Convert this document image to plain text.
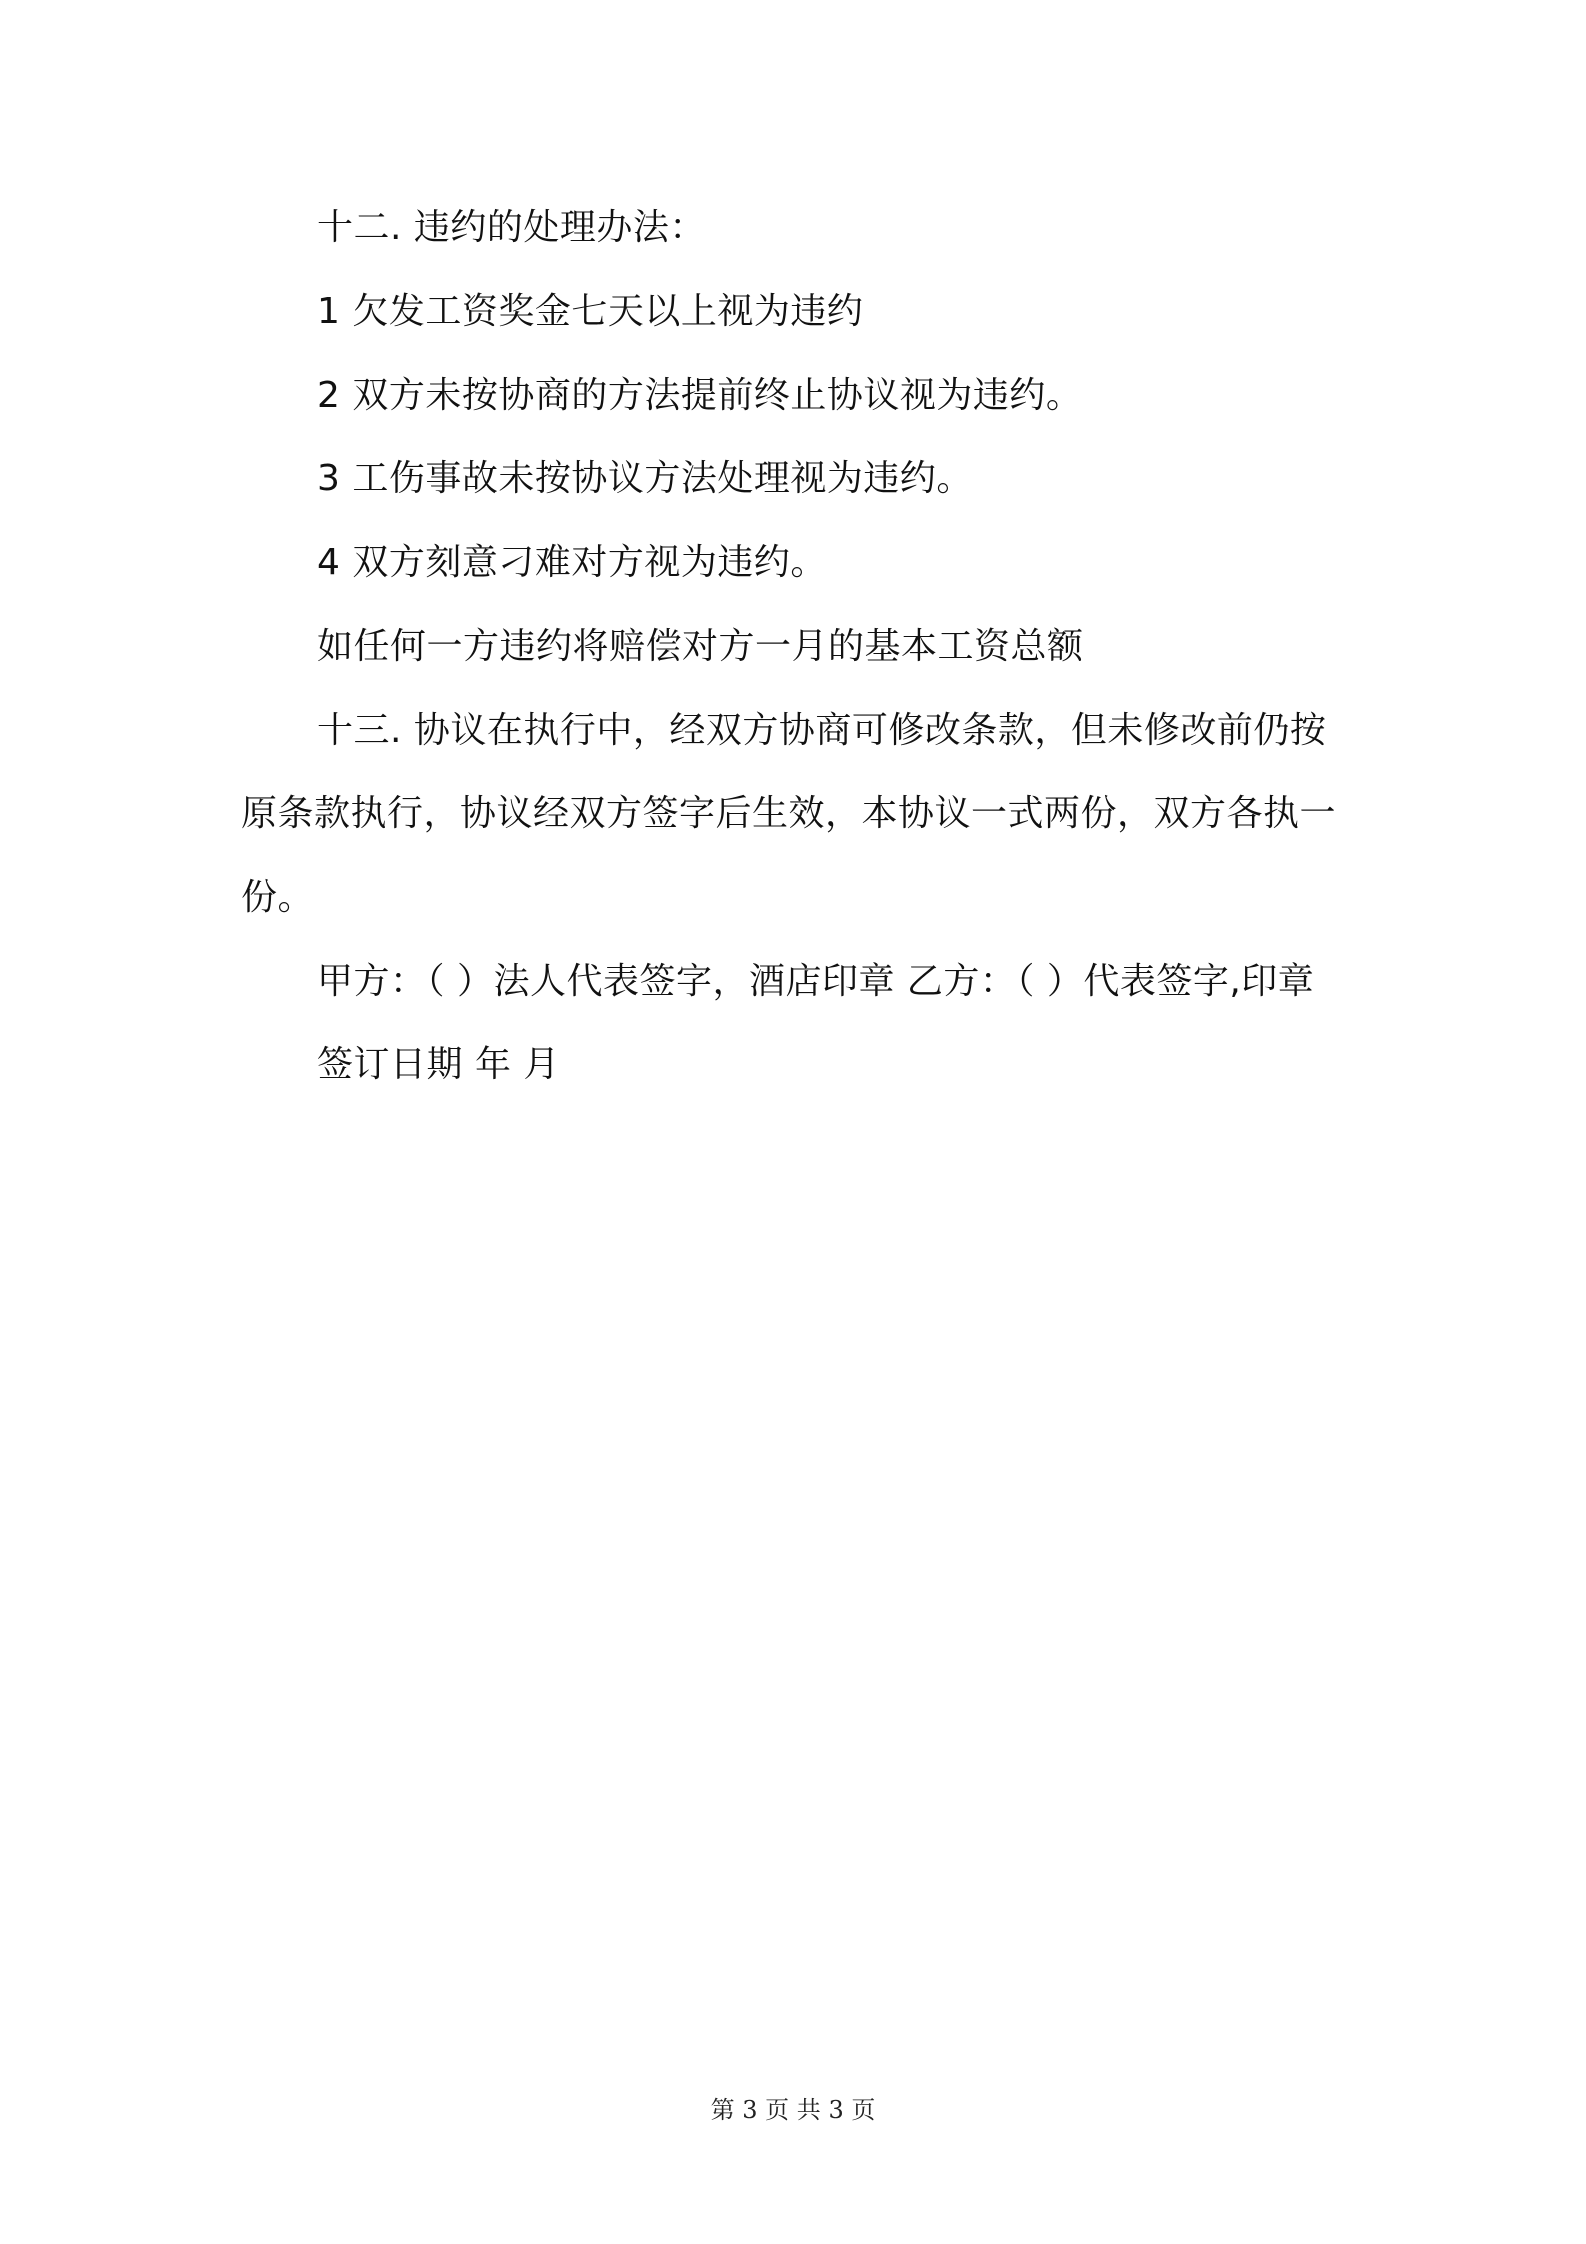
十二. 违约的处理办法：

1 欠发工资奖金七天以上视为违约

2 双方未按协商的方法提前终止协议视为违约。

3 工伤事故未按协议方法处理视为违约。

4 双方刻意刁难对方视为违约。

如任何一方违约将赔偿对方一月的基本工资总额

十三. 协议在执行中，经双方协商可修改条款，但未修改前仍按

原条款执行，协议经双方签字后生效，本协议一式两份，双方各执一

份。

甲方：（ ）法人代表签字，酒店印章 乙方：（ ）代表签字,印章

签订日期 年 月

第 3 页 共 3 页
